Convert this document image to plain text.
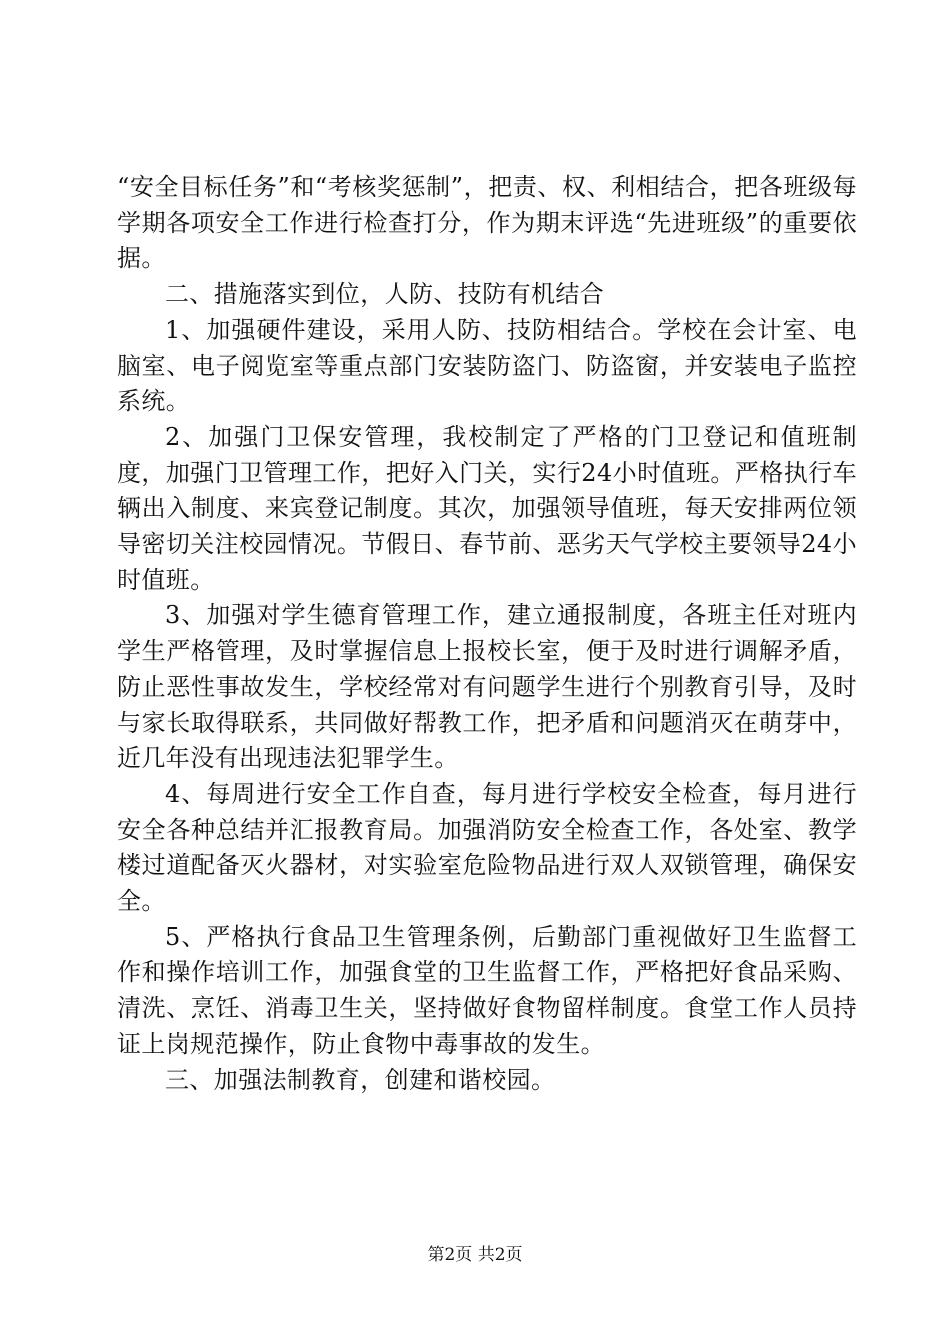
“安全目标任务”和“考核奖惩制”，把责、权、利相结合，把各班级每学期各项安全工作进行检查打分，作为期末评选“先进班级”的重要依据。

二、措施落实到位，人防、技防有机结合

1、加强硬件建设，采用人防、技防相结合。学校在会计室、电脑室、电子阅览室等重点部门安装防盗门、防盗窗，并安装电子监控系统。

2、加强门卫保安管理，我校制定了严格的门卫登记和值班制度，加强门卫管理工作，把好入门关，实行24小时值班。严格执行车辆出入制度、来宾登记制度。其次，加强领导值班，每天安排两位领导密切关注校园情况。节假日、春节前、恶劣天气学校主要领导24小时值班。

3、加强对学生德育管理工作，建立通报制度，各班主任对班内学生严格管理，及时掌握信息上报校长室，便于及时进行调解矛盾，防止恶性事故发生，学校经常对有问题学生进行个别教育引导，及时与家长取得联系，共同做好帮教工作，把矛盾和问题消灭在萌芽中，近几年没有出现违法犯罪学生。

4、每周进行安全工作自查，每月进行学校安全检查，每月进行安全各种总结并汇报教育局。加强消防安全检查工作，各处室、教学楼过道配备灭火器材，对实验室危险物品进行双人双锁管理，确保安全。

5、严格执行食品卫生管理条例，后勤部门重视做好卫生监督工作和操作培训工作，加强食堂的卫生监督工作，严格把好食品采购、清洗、烹饪、消毒卫生关，坚持做好食物留样制度。食堂工作人员持证上岗规范操作，防止食物中毒事故的发生。

三、加强法制教育，创建和谐校园。

第2页 共2页
